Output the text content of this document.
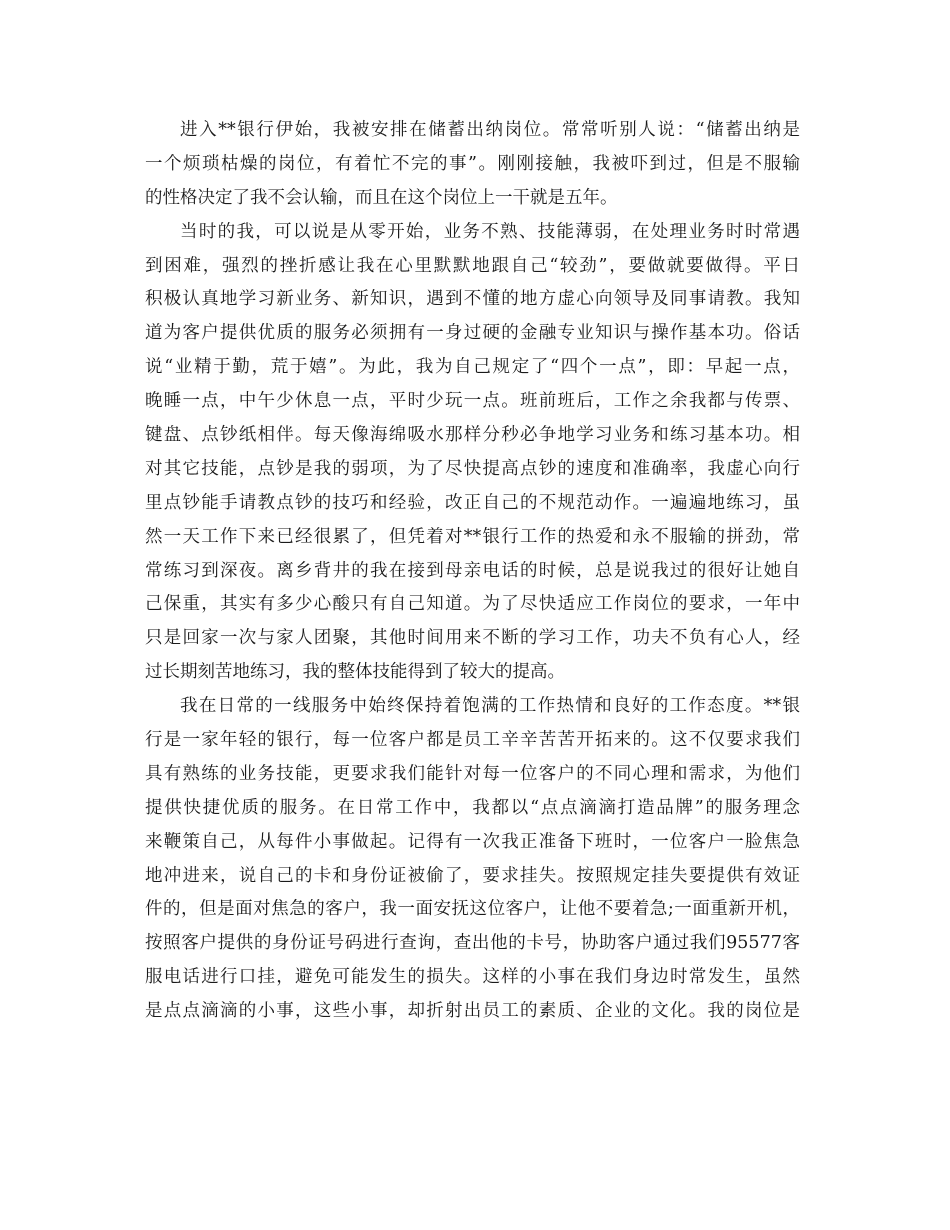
进入**银行伊始，我被安排在储蓄出纳岗位。常常听别人说：“储蓄出纳是
一个烦琐枯燥的岗位，有着忙不完的事”。刚刚接触，我被吓到过，但是不服输
的性格决定了我不会认输，而且在这个岗位上一干就是五年。
当时的我，可以说是从零开始，业务不熟、技能薄弱，在处理业务时时常遇
到困难，强烈的挫折感让我在心里默默地跟自己“较劲”，要做就要做得。平日
积极认真地学习新业务、新知识，遇到不懂的地方虚心向领导及同事请教。我知
道为客户提供优质的服务必须拥有一身过硬的金融专业知识与操作基本功。俗话
说“业精于勤，荒于嬉”。为此，我为自己规定了“四个一点”，即：早起一点，
晚睡一点，中午少休息一点，平时少玩一点。班前班后，工作之余我都与传票、
键盘、点钞纸相伴。每天像海绵吸水那样分秒必争地学习业务和练习基本功。相
对其它技能，点钞是我的弱项，为了尽快提高点钞的速度和准确率，我虚心向行
里点钞能手请教点钞的技巧和经验，改正自己的不规范动作。一遍遍地练习，虽
然一天工作下来已经很累了，但凭着对**银行工作的热爱和永不服输的拼劲，常
常练习到深夜。离乡背井的我在接到母亲电话的时候，总是说我过的很好让她自
己保重，其实有多少心酸只有自己知道。为了尽快适应工作岗位的要求，一年中
只是回家一次与家人团聚，其他时间用来不断的学习工作，功夫不负有心人，经
过长期刻苦地练习，我的整体技能得到了较大的提高。
我在日常的一线服务中始终保持着饱满的工作热情和良好的工作态度。**银
行是一家年轻的银行，每一位客户都是员工辛辛苦苦开拓来的。这不仅要求我们
具有熟练的业务技能，更要求我们能针对每一位客户的不同心理和需求，为他们
提供快捷优质的服务。在日常工作中，我都以“点点滴滴打造品牌”的服务理念
来鞭策自己，从每件小事做起。记得有一次我正准备下班时，一位客户一脸焦急
地冲进来，说自己的卡和身份证被偷了，要求挂失。按照规定挂失要提供有效证
件的，但是面对焦急的客户，我一面安抚这位客户，让他不要着急;一面重新开机，
按照客户提供的身份证号码进行查询，查出他的卡号，协助客户通过我们95577客
服电话进行口挂，避免可能发生的损失。这样的小事在我们身边时常发生，虽然
是点点滴滴的小事，这些小事，却折射出员工的素质、企业的文化。我的岗位是
